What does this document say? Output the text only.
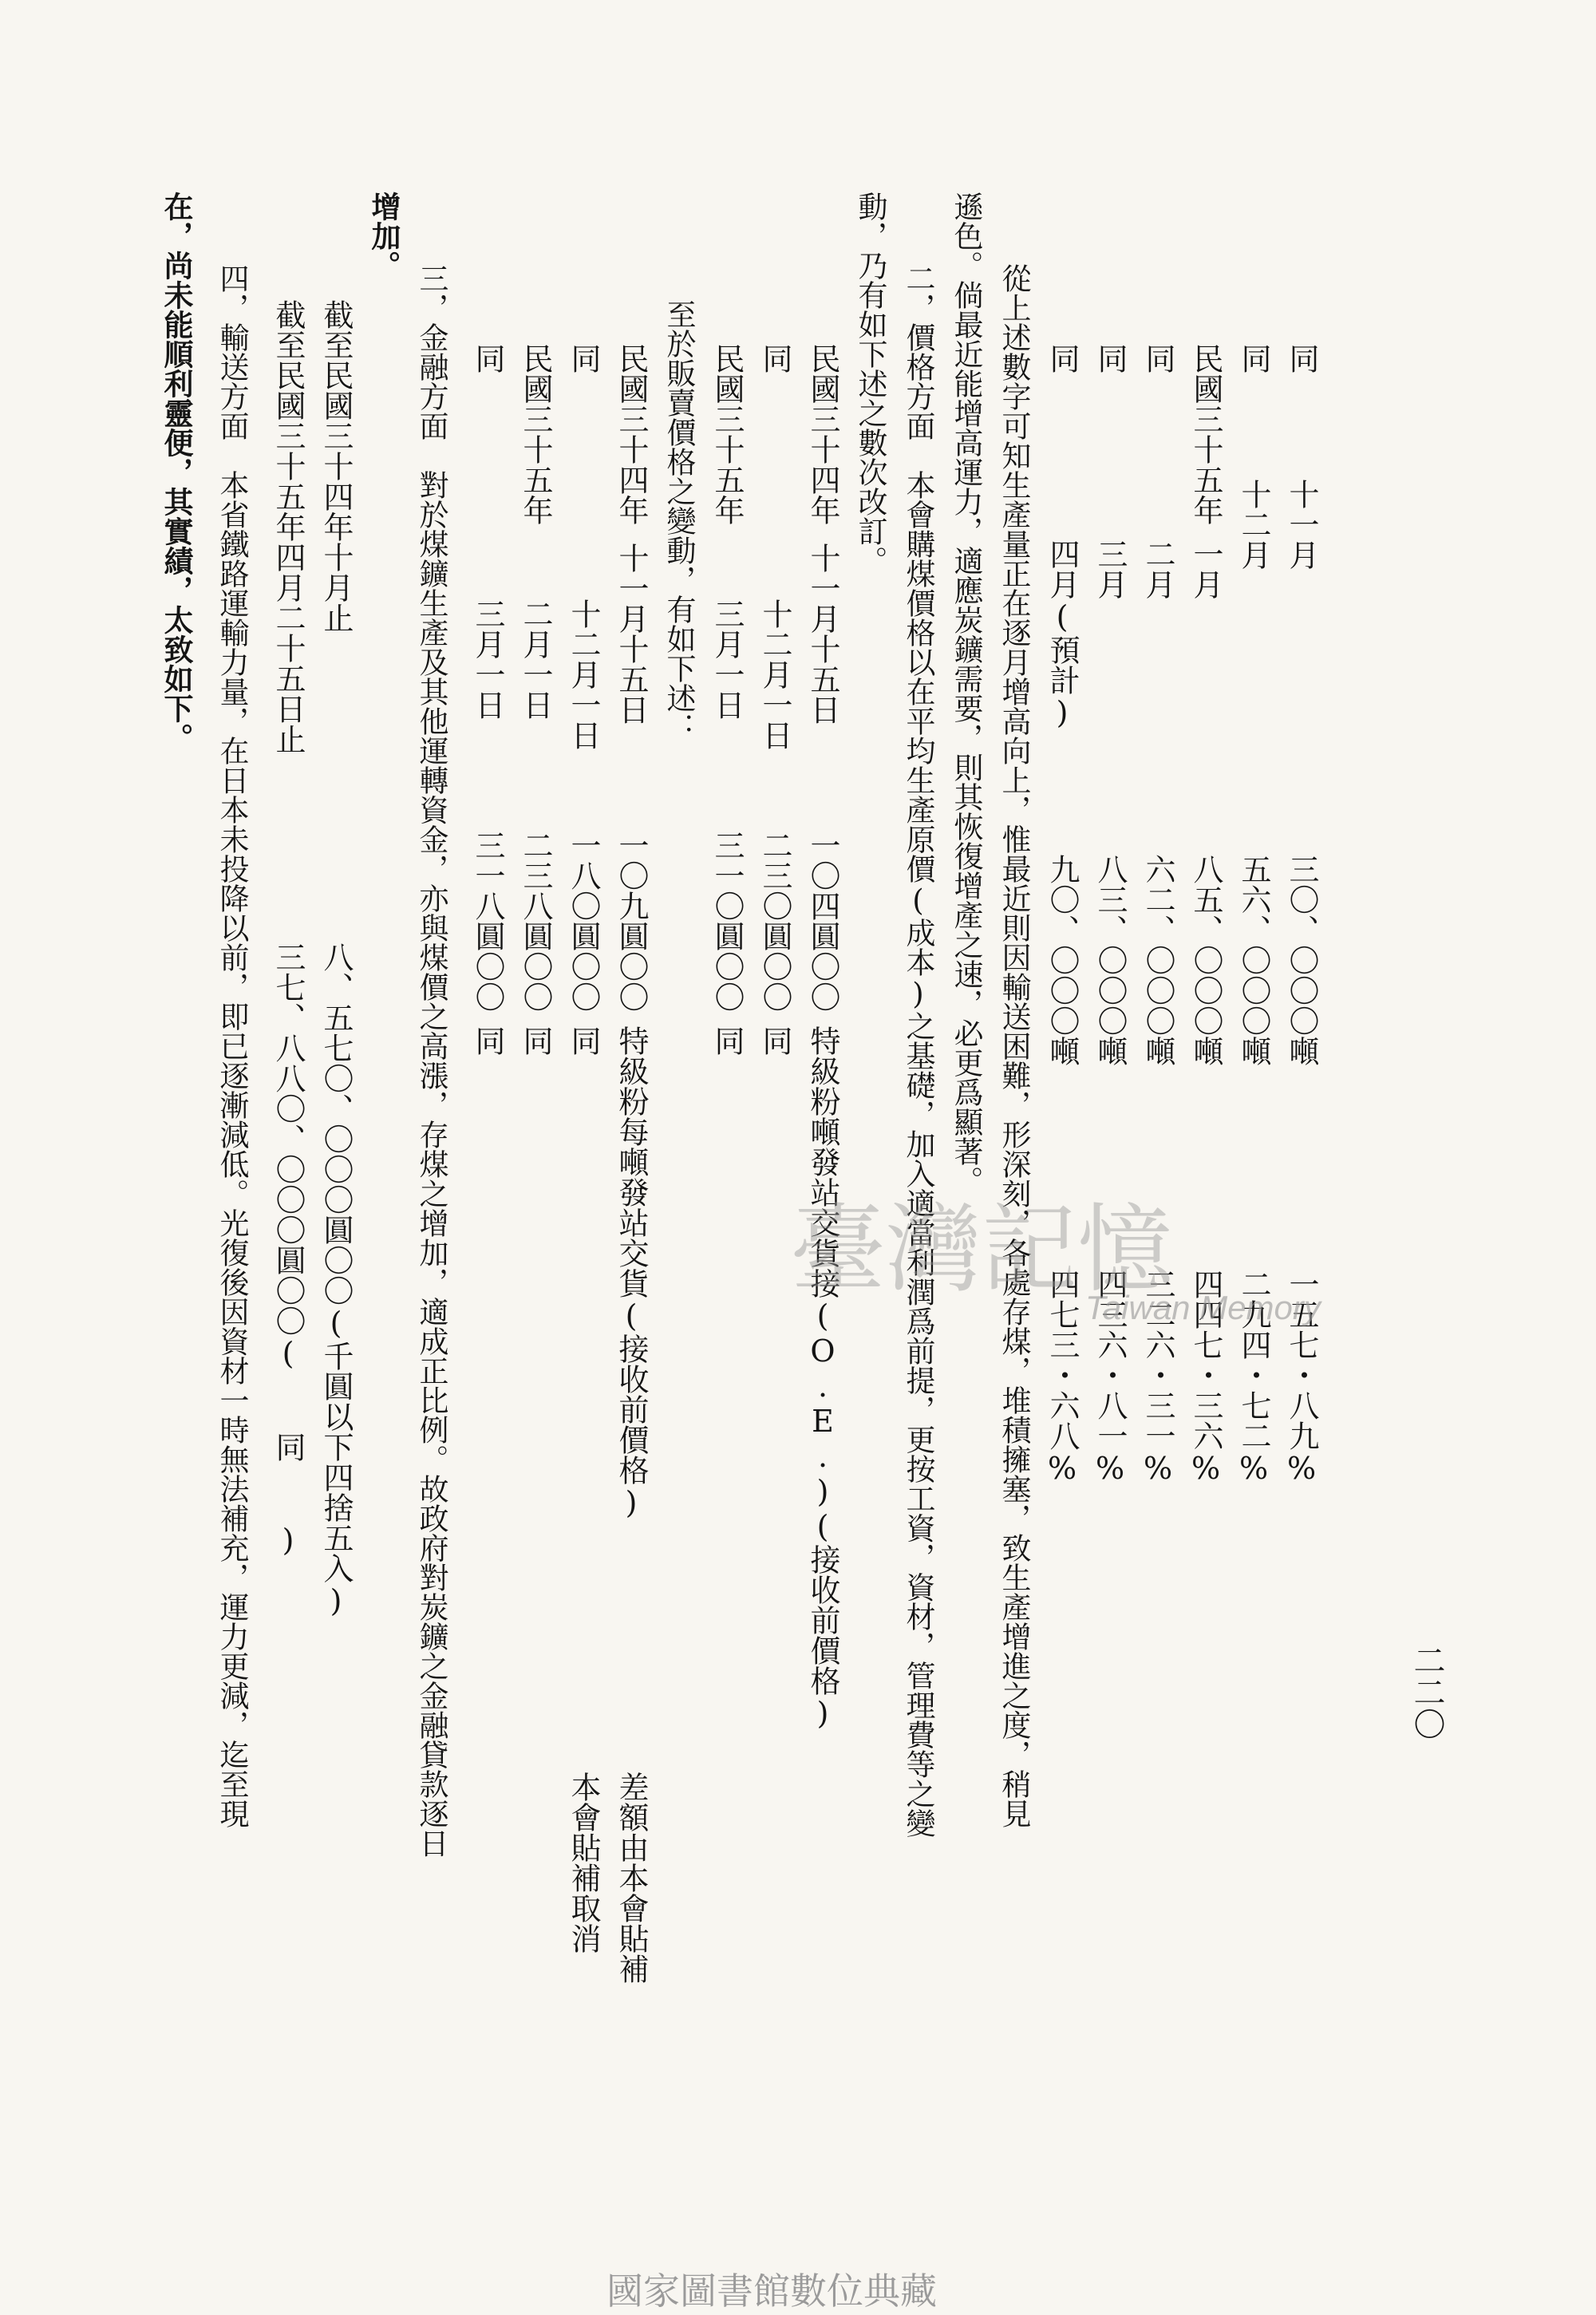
二二〇
同
十一月
三〇、〇〇〇噸
一五七・八九%
同
十二月
五六、〇〇〇噸
二九四・七二%
民國三十五年
一月
八五、〇〇〇噸
四四七・三六%
同
二月
六二、〇〇〇噸
三二六・三一%
同
三月
八三、〇〇〇噸
四三六・八一%
同
四月(預計)
九〇、〇〇〇噸
四七三・六八%
從上述數字可知生產量正在逐月增高向上，惟最近則因輸送困難，形深刻，各處存煤，堆積擁塞，致生產增進之度，稍見
遜色。倘最近能增高運力，適應炭鑛需要，則其恢復增產之速，必更爲顯著。
二，價格方面　本會購煤價格以在平均生產原價(成本)之基礎，加入適當利潤爲前提，更按工資，資材，管理費等之變
動，乃有如下述之數次改訂。
民國三十四年
十一月十五日
一〇四圓〇〇
特級粉噸發站交貨接(O.E.)(接收前價格)
同
十二月一日
二三〇圓〇〇
同
民國三十五年
三月一日
三一〇圓〇〇
同
至於販賣價格之變動，有如下述：
民國三十四年
十一月十五日
一〇九圓〇〇
特級粉每噸發站交貨(接收前價格)
差額由本會貼補
同
十二月一日
一八〇圓〇〇
同
本會貼補取消
民國三十五年
二月一日
二三八圓〇〇
同
同
三月一日
三一八圓〇〇
同
三，金融方面　對於煤鑛生產及其他運轉資金，亦與煤價之高漲，存煤之增加，適成正比例。故政府對炭鑛之金融貸款逐日
增加。
截至民國三十四年十月止
八、五七〇、〇〇〇圓〇〇(千圓以下四捨五入)
截至民國三十五年四月二十五日止
三七、八八〇、〇〇〇圓〇〇(　　同　　)
四，輸送方面　本省鐵路運輸力量，在日本未投降以前，即已逐漸減低。光復後因資材一時無法補充，運力更減，迄至現
在，尚未能順利靈便，其實績，太致如下。
臺灣記憶
Taiwan Memory
國家圖書館數位典藏
